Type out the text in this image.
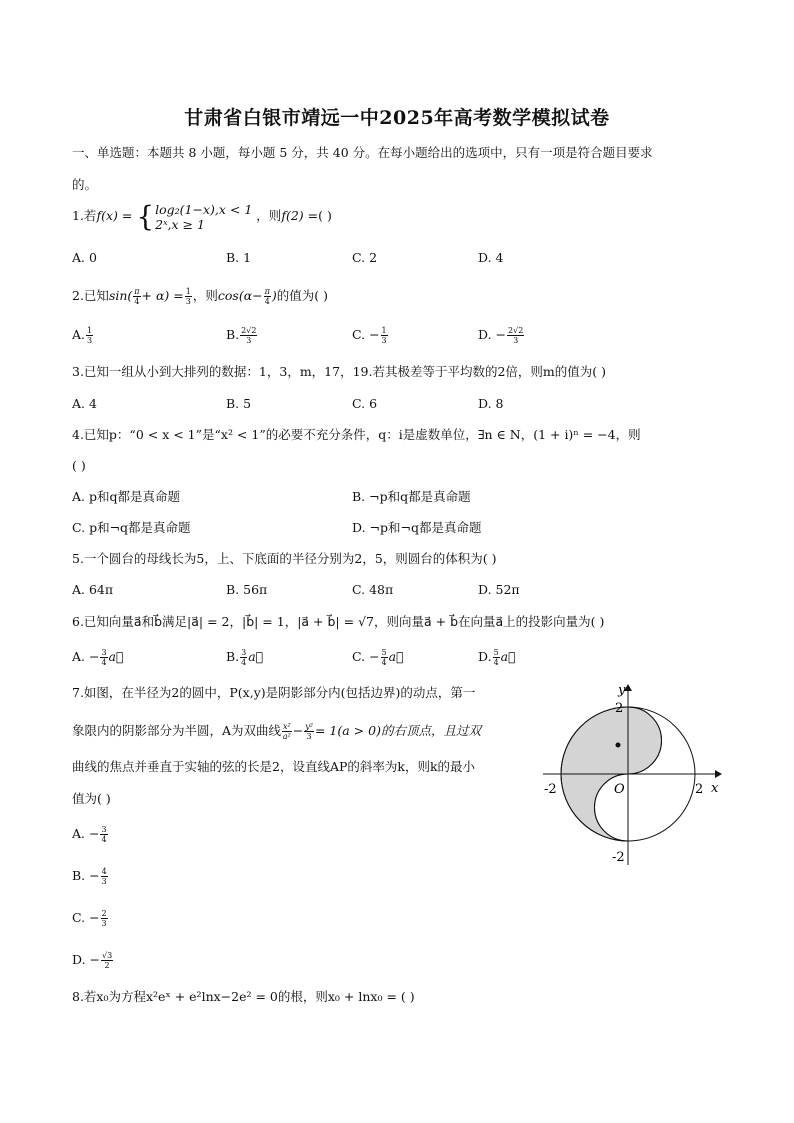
甘肃省白银市靖远一中2025年高考数学模拟试卷
一、单选题：本题共 8 小题，每小题 5 分，共 40 分。在每小题给出的选项中，只有一项是符合题目要求
的。
1.若f(x) = { log₂(1−x),x < 1
2ˣ,x ≥ 1
，则f(2) =( )
A. 0	B. 1	C. 2	D. 4
2.已知$\sin( \frac{\pi}{4} + \alpha) = \frac{1}{3}$ ，则$\cos(\alpha- \frac{\pi}{4}$ )的值为( )
A. $\frac{1}{3}$	B. $\frac{2√2}{3}$	C. − $\frac{1}{3}$	D. − $\frac{2√2}{3}$
3.已知一组从小到大排列的数据：1，3，m，17，19.若其极差等于平均数的2倍，则m的值为( )
A. 4	B. 5	C. 6	D. 8
4.已知p：“0 < x < 1”是“x² < 1”的必要不充分条件，q：i是虚数单位，∃n ∈ N，(1 + i)ⁿ = −4，则
( )
A. p和q都是真命题	B. ¬p和q都是真命题
C. p和¬q都是真命题	D. ¬p和¬q都是真命题
5.一个圆台的母线长为5，上、下底面的半径分别为2，5，则圆台的体积为( )
A. 64π	B. 56π	C. 48π	D. 52π
6.已知向量a⃗和b⃗满足|a⃗| = 2，|b⃗| = 1，|a⃗ + b⃗| = √7，则向量a⃗ + b⃗在向量a⃗上的投影向量为( )
A. − $\frac{3}{4}$ a⃗	B. $\frac{3}{4}$ a⃗	C. − $\frac{5}{4}$ a⃗	D. $\frac{5}{4}$ a⃗
7.如图，在半径为2的圆中，P(x,y)是阴影部分内(包括边界)的动点，第一
象限内的阴影部分为半圆，A为双曲线 $\frac{\text{x²}}{\text{a²}} - \frac{\text{y²}}{3} = 1(a > 0)$的右顶点，且过双
曲线的焦点并垂直于实轴的弦的长是2，设直线AP的斜率为k，则k的最小
值为( )
A. − $\frac{3}{4}$
B. − $\frac{4}{3}$
C. − $\frac{2}{3}$
D. − $\frac{√3}{2}$
y
x
O
2
2
-2
-2
8.若x₀为方程x²eˣ + e²lnx−2e² = 0的根，则x₀ + lnx₀ = ( )
